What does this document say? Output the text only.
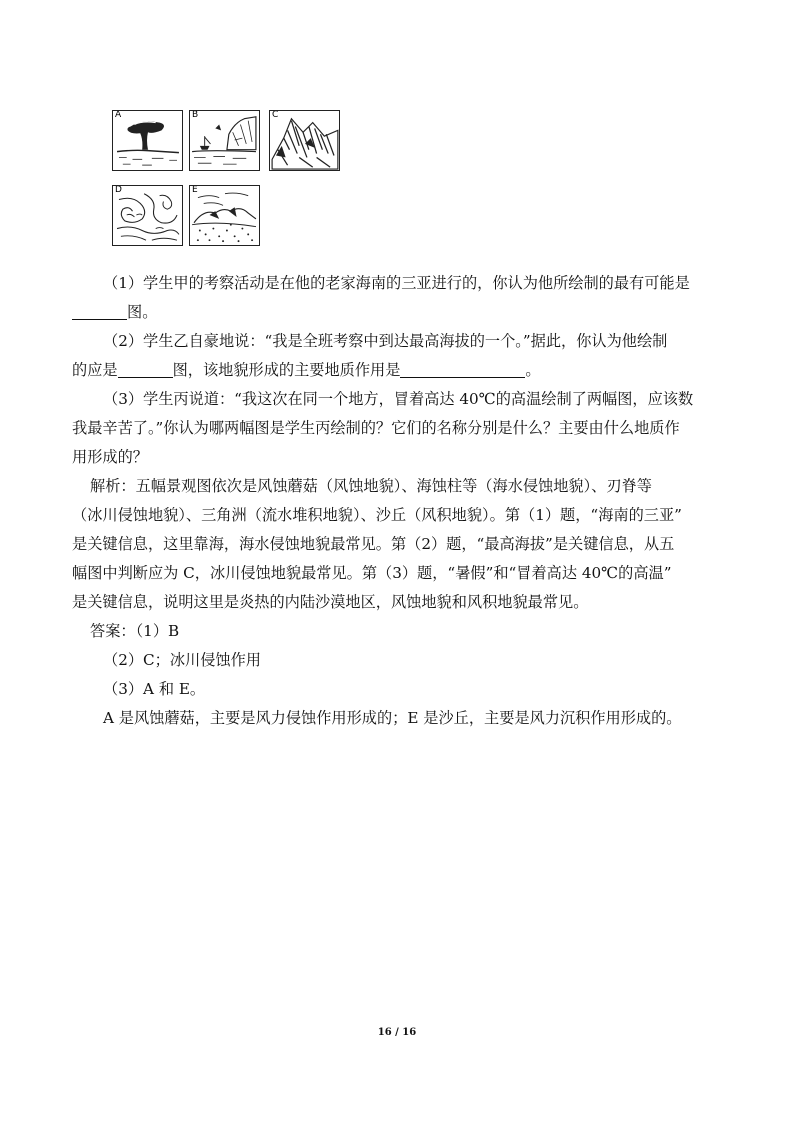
A	B	C
D	E

（1）学生甲的考察活动是在他的老家海南的三亚进行的，你认为他所绘制的最有可能是

图。

（2）学生乙自豪地说：“我是全班考察中到达最高海拔的一个。”据此，你认为他绘制

的应是	图，该地貌形成的主要地质作用是	。

（3）学生丙说道：“我这次在同一个地方，冒着高达 40℃的高温绘制了两幅图，应该数

我最辛苦了。”你认为哪两幅图是学生丙绘制的？它们的名称分别是什么？主要由什么地质作

用形成的？

解析：五幅景观图依次是风蚀蘑菇（风蚀地貌）、海蚀柱等（海水侵蚀地貌）、刃脊等

（冰川侵蚀地貌）、三角洲（流水堆积地貌）、沙丘（风积地貌）。第（1）题，“海南的三亚”

是关键信息，这里靠海，海水侵蚀地貌最常见。第（2）题，“最高海拔”是关键信息，从五

幅图中判断应为 C，冰川侵蚀地貌最常见。第（3）题，“暑假”和“冒着高达 40℃的高温”

是关键信息，说明这里是炎热的内陆沙漠地区，风蚀地貌和风积地貌最常见。

答案：（1）B

（2）C；冰川侵蚀作用

（3）A 和 E。

A 是风蚀蘑菇，主要是风力侵蚀作用形成的；E 是沙丘，主要是风力沉积作用形成的。

16 / 16
